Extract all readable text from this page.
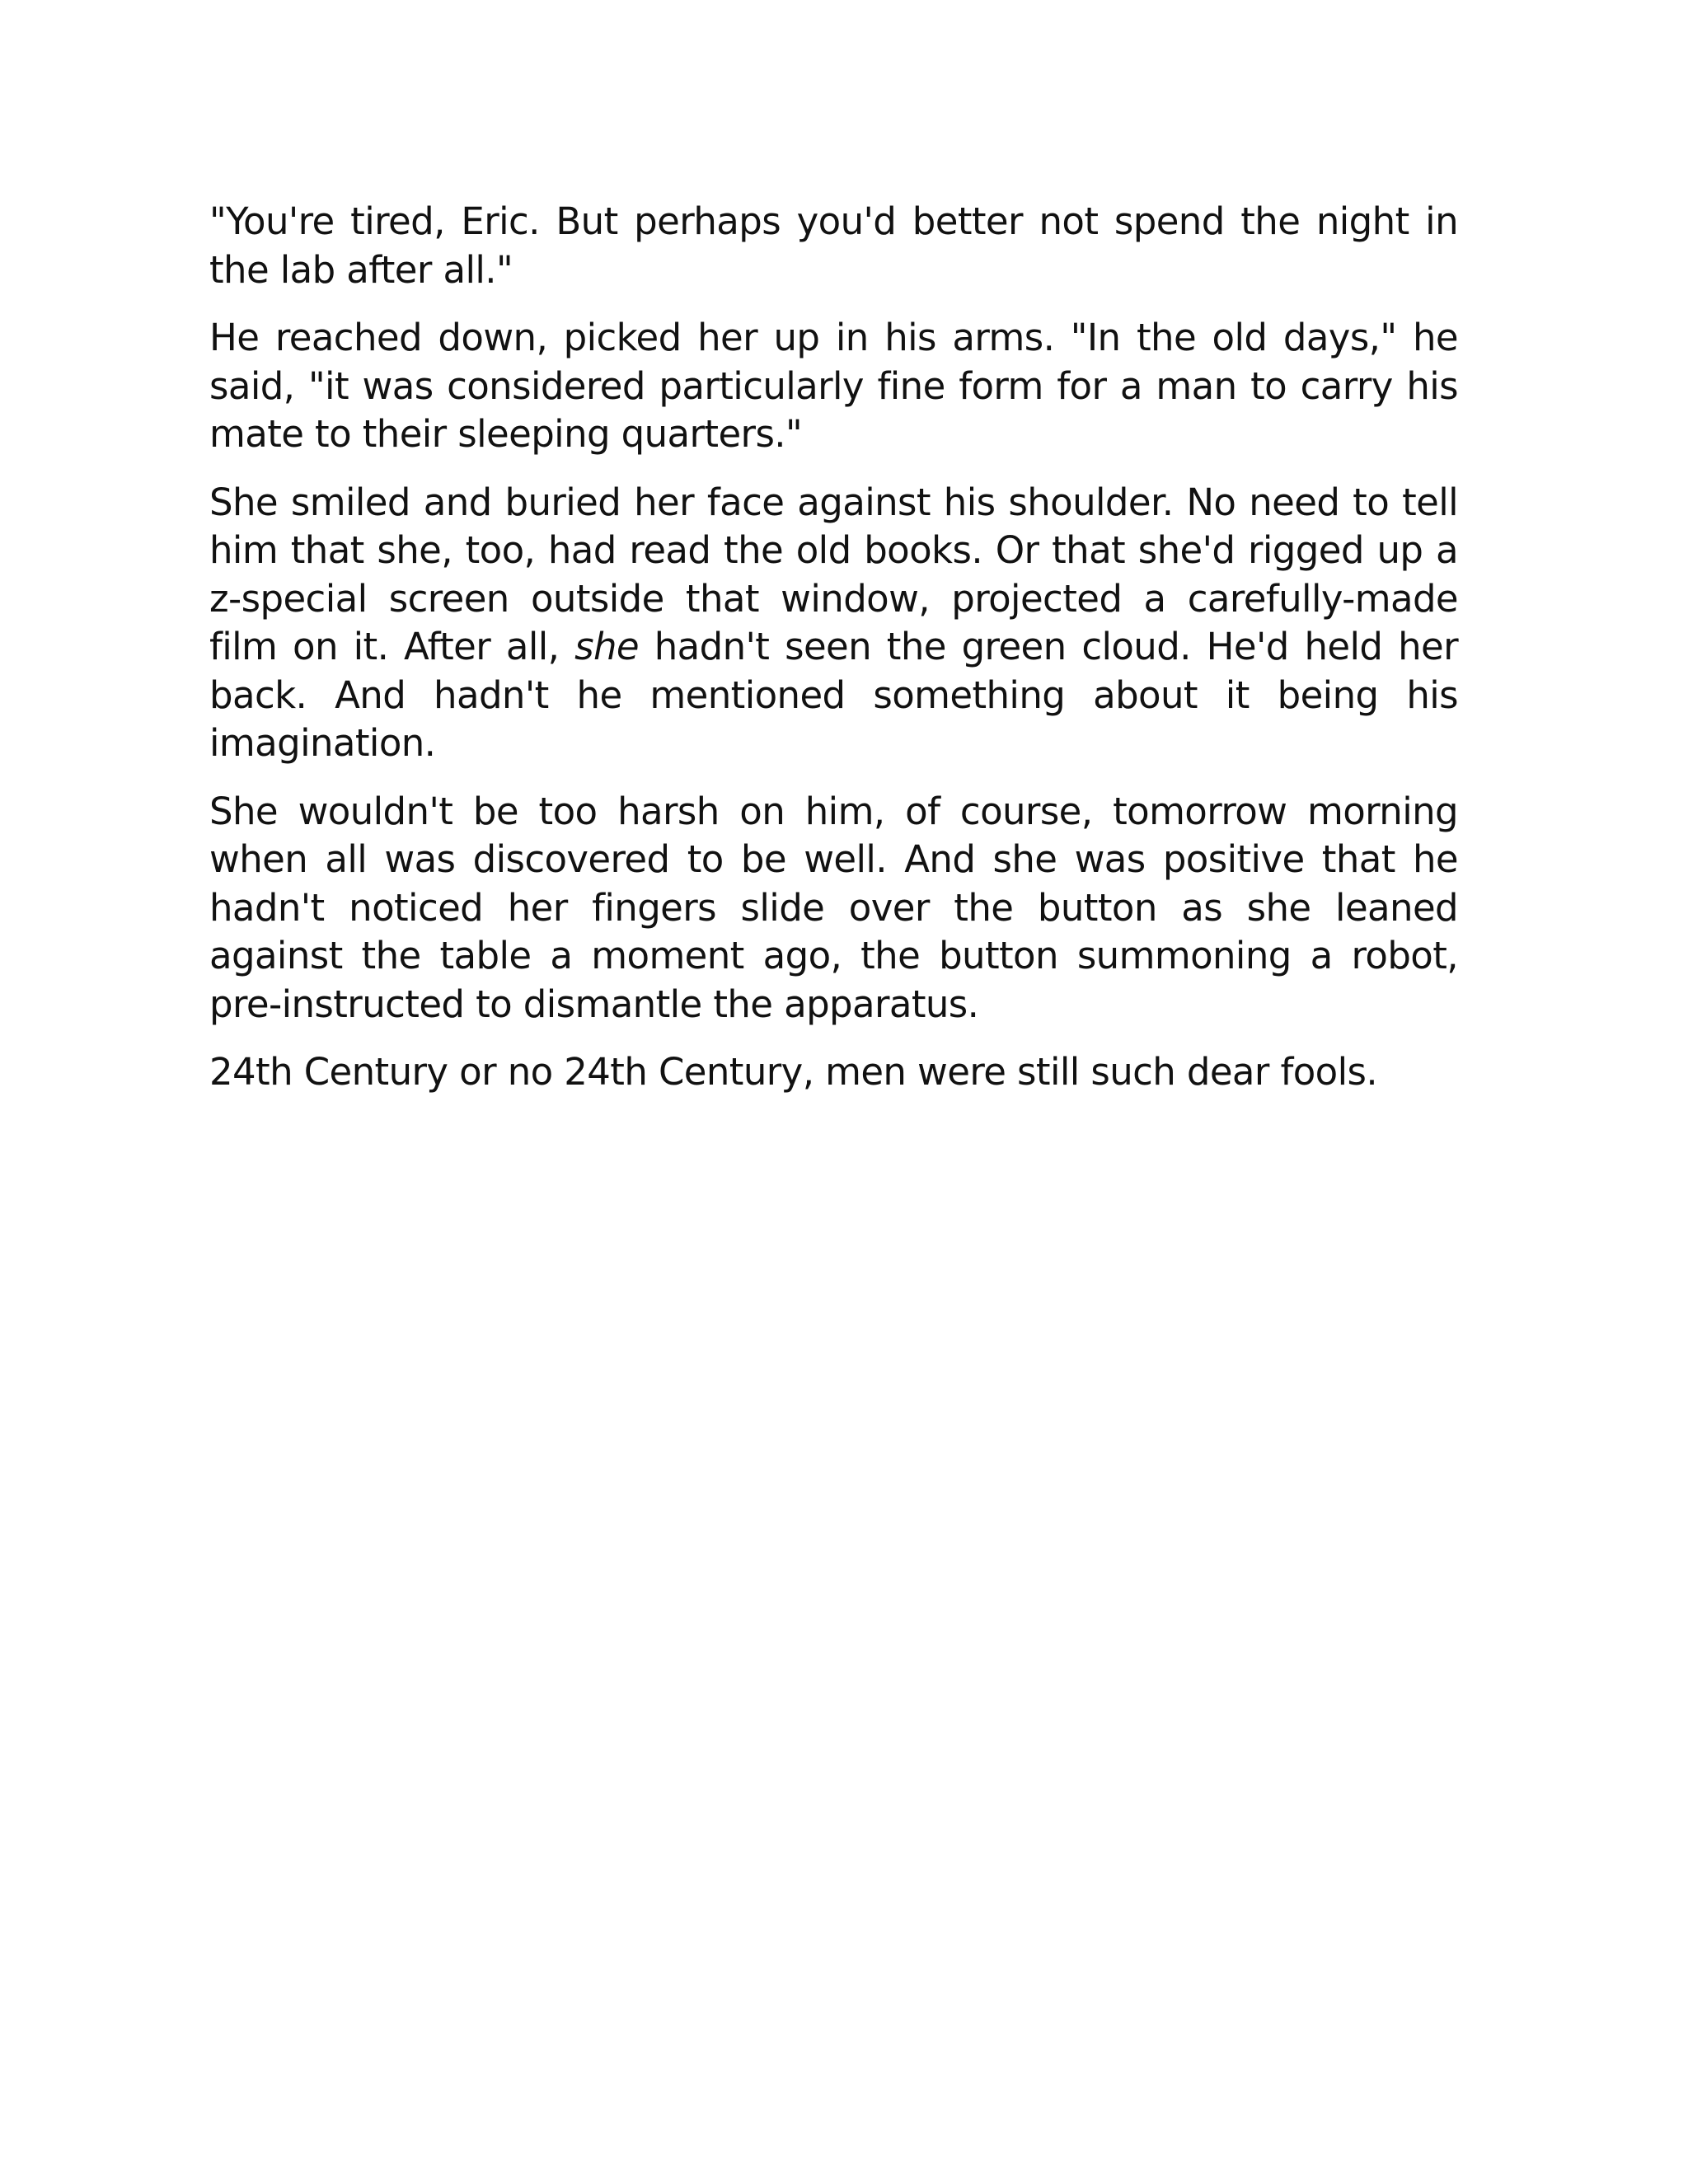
"You're tired, Eric. But perhaps you'd better not spend the night in the lab after all."

He reached down, picked her up in his arms. "In the old days," he said, "it was considered particularly fine form for a man to carry his mate to their sleeping quarters."

She smiled and buried her face against his shoulder. No need to tell him that she, too, had read the old books. Or that she'd rigged up a z-special screen outside that window, projected a carefully-made film on it. After all, she hadn't seen the green cloud. He'd held her back. And hadn't he mentioned something about it being his imagination.

She wouldn't be too harsh on him, of course, tomorrow morning when all was discovered to be well. And she was positive that he hadn't noticed her fingers slide over the button as she leaned against the table a moment ago, the button summoning a robot, pre-instructed to dismantle the apparatus.

24th Century or no 24th Century, men were still such dear fools.
